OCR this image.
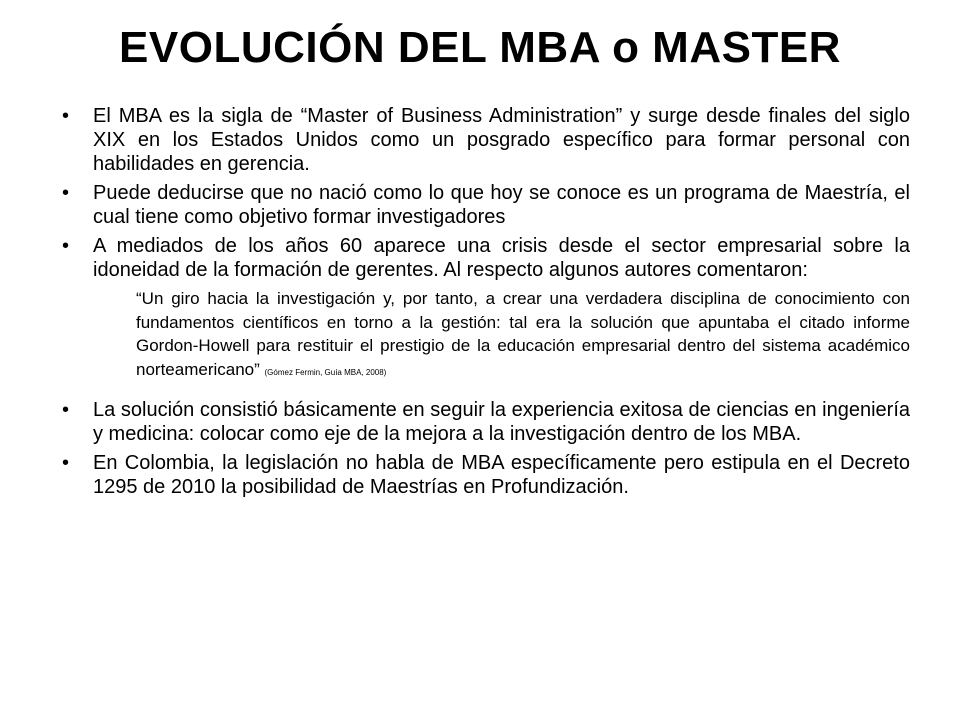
EVOLUCIÓN DEL MBA o MASTER
• El MBA es la sigla de “Master of Business Administration” y surge desde finales del siglo XIX en los Estados Unidos como un posgrado específico para formar personal con habilidades en gerencia.
• Puede deducirse que no nació como lo que hoy se conoce es un programa de Maestría, el cual tiene como objetivo formar investigadores
• A mediados de los años 60 aparece una crisis desde el sector empresarial sobre la idoneidad de la formación de gerentes. Al respecto algunos autores comentaron:
“Un giro hacia la investigación y, por tanto, a crear una verdadera disciplina de conocimiento con fundamentos científicos en torno a la gestión: tal era la solución que apuntaba el citado informe Gordon-Howell para restituir el prestigio de la educación empresarial dentro del sistema académico norteamericano” (Gómez Fermin, Guía MBA, 2008)
• La solución consistió básicamente en seguir la experiencia exitosa de ciencias en ingeniería y medicina: colocar como eje de la mejora a la investigación dentro de los MBA.
• En Colombia, la legislación no habla de MBA específicamente pero estipula en el Decreto 1295 de 2010 la posibilidad de Maestrías en Profundización.
